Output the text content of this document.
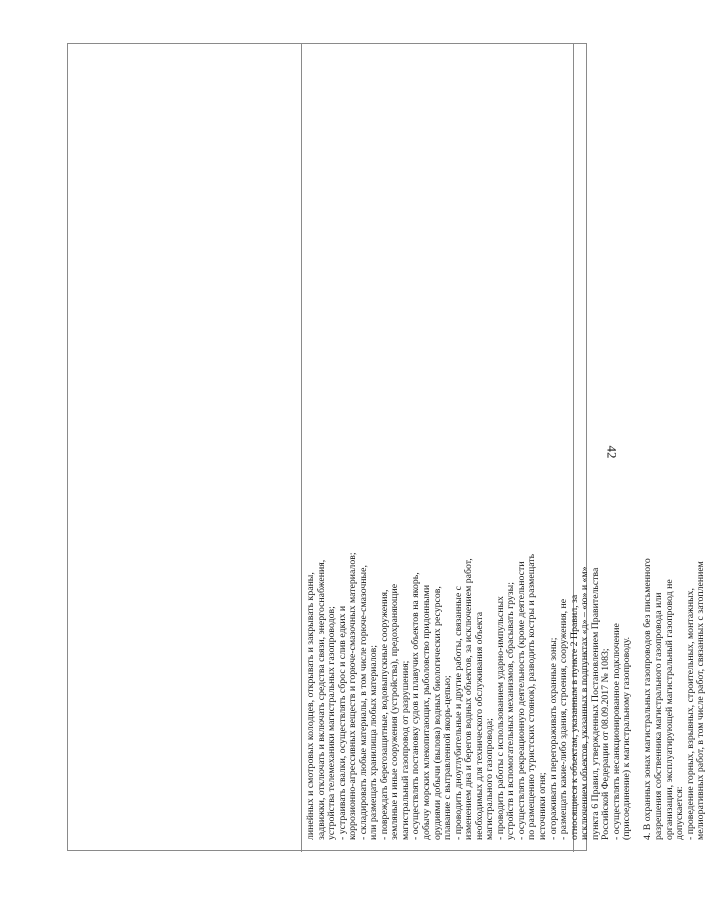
42

линейных и смотровых колодцев, открывать и закрывать краны, задвижки, отключать и включать средства связи, энергоснабжения, устройства телемеханики магистральных газопроводов; - устраивать свалки, осуществлять сброс и слив едких и коррозионно-агрессивных веществ и горюче-смазочных материалов; - складировать любые материалы, в том числе горюче-смазочные, или размещать хранилища любых материалов; - повреждать берегозащитные, водовыпускные сооружения, земляные и иные сооружения (устройства), предохраняющие магистральный газопровод от разрушения; - осуществлять постановку судов и плавучих объектов на якорь, добычу морских млекопитающих, рыболовство придонными орудиями добычи (вылова) водных биологических ресурсов, плавание с вытравленной якорь-цепью; - проводить дноуглубительные и другие работы, связанные с изменением дна и берегов водных объектов, за исключением работ, необходимых для технического обслуживания объекта магистрального газопровода; - проводить работы с использованием ударно-импульсных устройств и вспомогательных механизмов, сбрасывать грузы; - осуществлять рекреационную деятельность (кроме деятельности по размещению туристских стоянок), разводить костры и размещать источники огня; - огораживать и перегораживать охранные зоны; - размещать какие-либо здания, строения, сооружения, не относящиеся к объектам, указанным в пункте 2 Правил, за исключением объектов, указанных в подпунктах «д» – «ю» и «м» пункта 6 Правил, утвержденных Постановлением Правительства Российской Федерации от 08.09.2017 № 1083; - осуществлять несанкционированное подключение (присоединение) к магистральному газопроводу. 4. В охранных зонах магистральных газопроводов без письменного разрешения собственника магистрального газопровода или организации, эксплуатирующей магистральный газопровод не допускается: - проведение горных, взрывных, строительных, монтажных, мелиоративных работ, в том числе работ, связанных с затоплением
